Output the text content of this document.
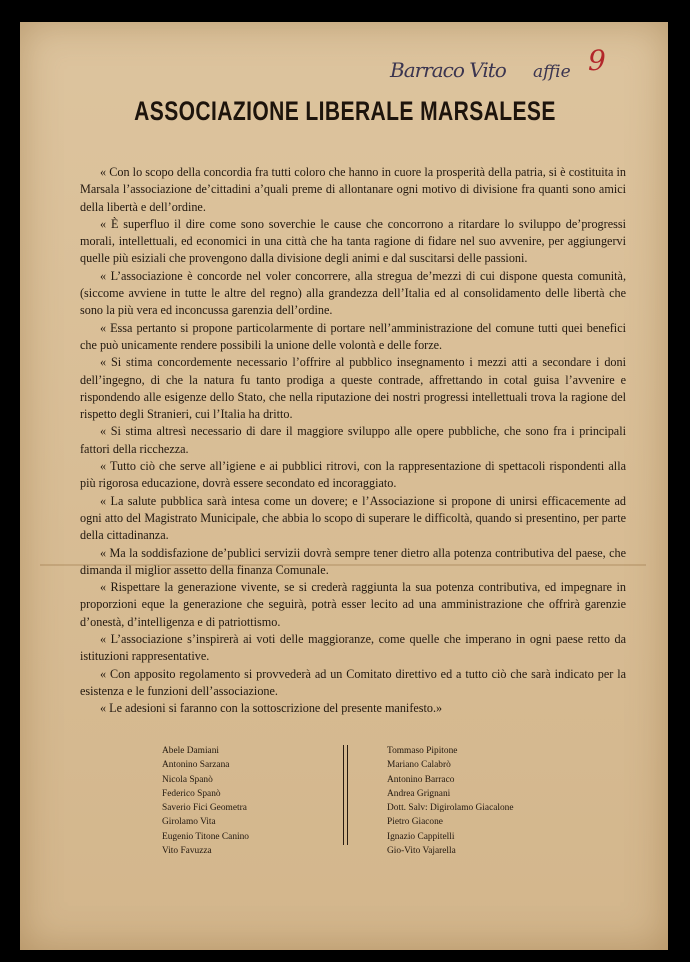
Barraco Vito affie 9
ASSOCIAZIONE LIBERALE MARSALESE

« Con lo scopo della concordia fra tutti coloro che hanno in cuore la prosperità della patria, si è costituita in Marsala l’associazione de’cittadini a’quali preme di allontanare ogni motivo di divisione fra quanti sono amici della libertà e dell’ordine.

« È superfluo il dire come sono soverchie le cause che concorrono a ritardare lo sviluppo de’progressi morali, intellettuali, ed economici in una città che ha tanta ragione di fidare nel suo avvenire, per aggiungervi quelle più esiziali che provengono dalla divisione degli animi e dal suscitarsi delle passioni.

« L’associazione è concorde nel voler concorrere, alla stregua de’mezzi di cui dispone questa comunità, (siccome avviene in tutte le altre del regno) alla grandezza dell’Italia ed al consolidamento delle libertà che sono la più vera ed inconcussa garenzia dell’ordine.

« Essa pertanto si propone particolarmente di portare nell’amministrazione del comune tutti quei benefici che può unicamente rendere possibili la unione delle volontà e delle forze.

« Si stima concordemente necessario l’offrire al pubblico insegnamento i mezzi atti a secondare i doni dell’ingegno, di che la natura fu tanto prodiga a queste contrade, affrettando in cotal guisa l’avvenire e rispondendo alle esigenze dello Stato, che nella riputazione dei nostri progressi intellettuali trova la ragione del rispetto degli Stranieri, cui l’Italia ha dritto.

« Si stima altresì necessario di dare il maggiore sviluppo alle opere pubbliche, che sono fra i principali fattori della ricchezza.

« Tutto ciò che serve all’igiene e ai pubblici ritrovi, con la rappresentazione di spettacoli rispondenti alla più rigorosa educazione, dovrà essere secondato ed incoraggiato.

« La salute pubblica sarà intesa come un dovere; e l’Associazione si propone di unirsi efficacemente ad ogni atto del Magistrato Municipale, che abbia lo scopo di superare le difficoltà, quando si presentino, per parte della cittadinanza.

« Ma la soddisfazione de’publici servizii dovrà sempre tener dietro alla potenza contributiva del paese, che dimanda il miglior assetto della finanza Comunale.

« Rispettare la generazione vivente, se si crederà raggiunta la sua potenza contributiva, ed impegnare in proporzioni eque la generazione che seguirà, potrà esser lecito ad una amministrazione che offrirà garenzie d’onestà, d’intelligenza e di patriottismo.

« L’associazione s’inspirerà ai voti delle maggioranze, come quelle che imperano in ogni paese retto da istituzioni rappresentative.

« Con apposito regolamento si provvederà ad un Comitato direttivo ed a tutto ciò che sarà indicato per la esistenza e le funzioni dell’associazione.

« Le adesioni si faranno con la sottoscrizione del presente manifesto.»

Abele Damiani
Antonino Sarzana
Nicola Spanò
Federico Spanò
Saverio Fici Geometra
Girolamo Vita
Eugenio Titone Canino
Vito Favuzza
Tommaso Pipitone
Mariano Calabrò
Antonino Barraco
Andrea Grignani
Dott. Salv: Digirolamo Giacalone
Pietro Giacone
Ignazio Cappitelli
Gio-Vito Vajarella
